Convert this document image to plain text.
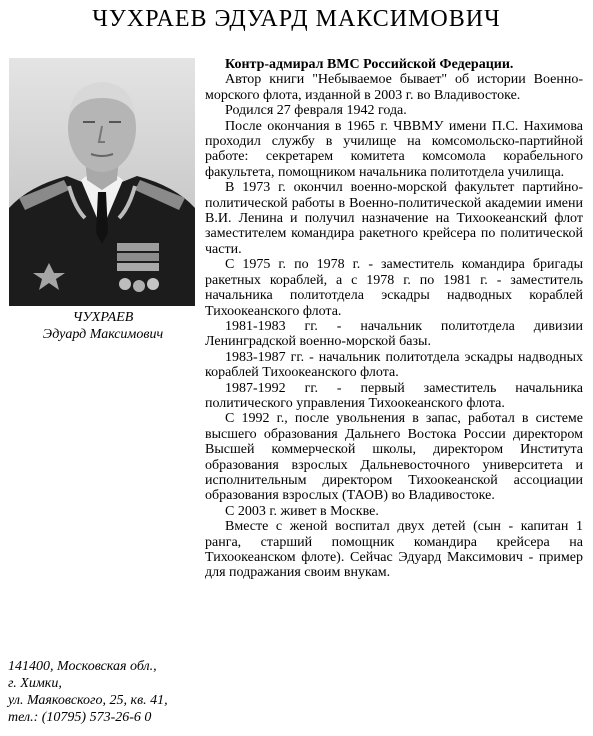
ЧУХРАЕВ ЭДУАРД МАКСИМОВИЧ
ЧУХРАЕВ
Эдуард Максимович

Контр-адмирал ВМС Российской Федерации.

Автор книги "Небываемое бывает" об истории Военно-морского флота, изданной в 2003 г. во Владивостоке.

Родился 27 февраля 1942 года.

После окончания в 1965 г. ЧВВМУ имени П.С. Нахимова проходил службу в училище на комсомольско-партийной работе: секретарем комитета комсомола корабельного факультета, помощником начальника политотдела училища.

В 1973 г. окончил военно-морской факультет партийно-политической работы в Военно-политической академии имени В.И. Ленина и получил назначение на Тихоокеанский флот заместителем командира ракетного крейсера по политической части.

С 1975 г. по 1978 г. - заместитель командира бригады ракетных кораблей, а с 1978 г. по 1981 г. - заместитель начальника политотдела эскадры надводных кораблей Тихоокеанского флота.

1981-1983 гг. - начальник политотдела дивизии Ленинградской военно-морской базы.

1983-1987 гг. - начальник политотдела эскадры надводных кораблей Тихоокеанского флота.

1987-1992 гг. - первый заместитель начальника политического управления Тихоокеанского флота.

С 1992 г., после увольнения в запас, работал в системе высшего образования Дальнего Востока России директором Высшей коммерческой школы, директором Института образования взрослых Дальневосточного университета и исполнительным директором Тихоокеанской ассоциации образования взрослых (ТАОВ) во Владивостоке.

С 2003 г. живет в Москве.

Вместе с женой воспитал двух детей (сын - капитан 1 ранга, старший помощник командира крейсера на Тихоокеанском флоте). Сейчас Эдуард Максимович - пример для подражания своим внукам.

141400, Московская обл.,
г. Химки,
ул. Маяковского, 25, кв. 41,
тел.: (10795) 573-26-6 0
